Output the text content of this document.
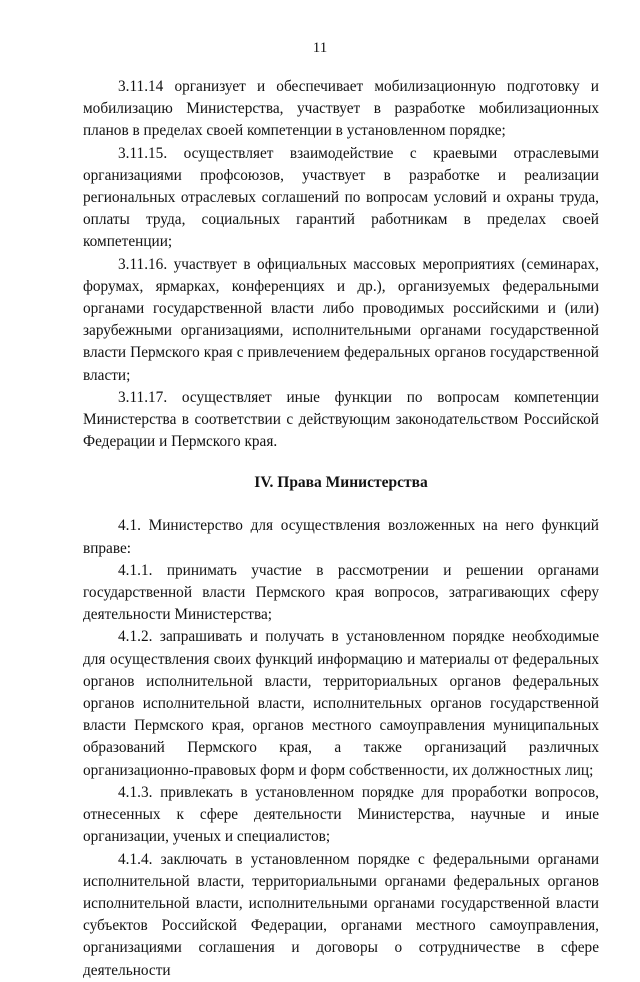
11

3.11.14 организует и обеспечивает мобилизационную подготовку и мобилизацию Министерства, участвует в разработке мобилизационных планов в пределах своей компетенции в установленном порядке;

3.11.15. осуществляет взаимодействие с краевыми отраслевыми организациями профсоюзов, участвует в разработке и реализации региональных отраслевых соглашений по вопросам условий и охраны труда, оплаты труда, социальных гарантий работникам в пределах своей компетенции;

3.11.16. участвует в официальных массовых мероприятиях (семинарах, форумах, ярмарках, конференциях и др.), организуемых федеральными органами государственной власти либо проводимых российскими и (или) зарубежными организациями, исполнительными органами государственной власти Пермского края с привлечением федеральных органов государственной власти;

3.11.17. осуществляет иные функции по вопросам компетенции Министерства в соответствии с действующим законодательством Российской Федерации и Пермского края.

IV. Права Министерства

4.1. Министерство для осуществления возложенных на него функций вправе:

4.1.1. принимать участие в рассмотрении и решении органами государственной власти Пермского края вопросов, затрагивающих сферу деятельности Министерства;

4.1.2. запрашивать и получать в установленном порядке необходимые для осуществления своих функций информацию и материалы от федеральных органов исполнительной власти, территориальных органов федеральных органов исполнительной власти, исполнительных органов государственной власти Пермского края, органов местного самоуправления муниципальных образований Пермского края, а также организаций различных организационно-правовых форм и форм собственности, их должностных лиц;

4.1.3. привлекать в установленном порядке для проработки вопросов, отнесенных к сфере деятельности Министерства, научные и иные организации, ученых и специалистов;

4.1.4. заключать в установленном порядке с федеральными органами исполнительной власти, территориальными органами федеральных органов исполнительной власти, исполнительными органами государственной власти субъектов Российской Федерации, органами местного самоуправления, организациями соглашения и договоры о сотрудничестве в сфере деятельности
